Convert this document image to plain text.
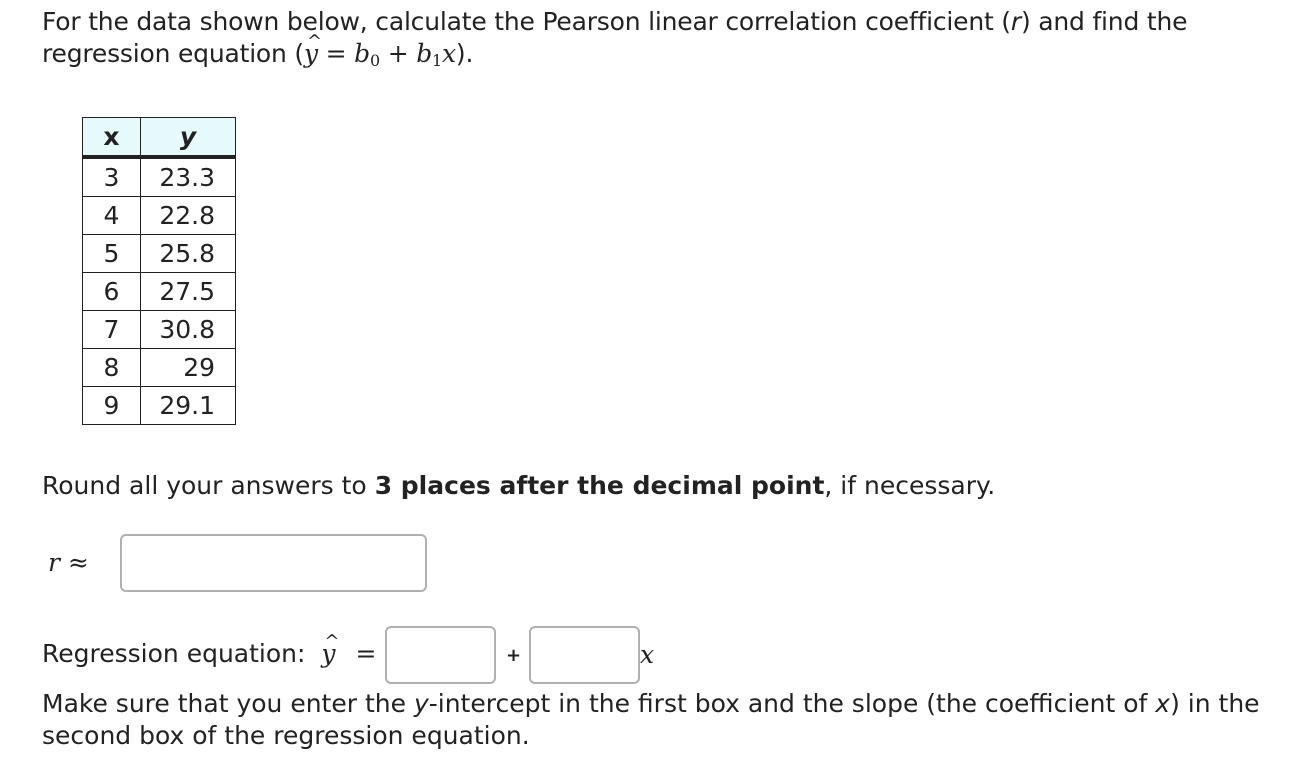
For the data shown below, calculate the Pearson linear correlation coefficient (r) and find the regression equation (^ $y = b_0 + b_1x$).
x	y
3	23.3
4	22.8
5	25.8
6	27.5
7	30.8
8	29
9	29.1
Round all your answers to 3 places after the decimal point, if necessary.
r ≈
Regression equation: ^ y =	+	x
Make sure that you enter the y-intercept in the first box and the slope (the coefficient of x) in the second box of the regression equation.
